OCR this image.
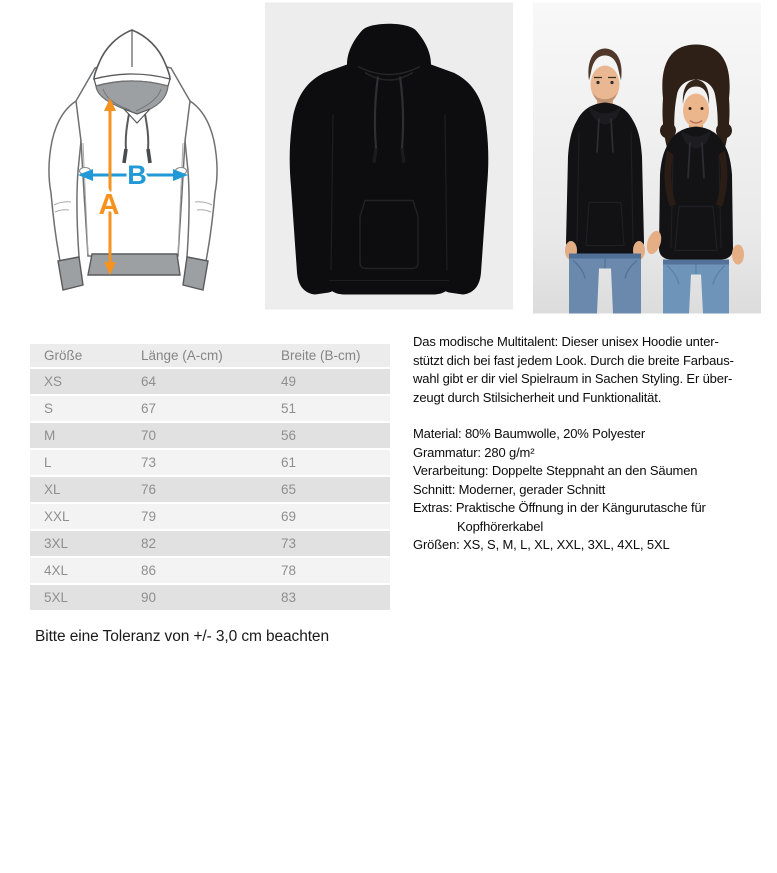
B
A
Größe	Länge (A-cm)	Breite (B-cm)
XS	64	49
S	67	51
M	70	56
L	73	61
XL	76	65
XXL	79	69
3XL	82	73
4XL	86	78
5XL	90	83

Das modische Multitalent: Dieser unisex Hoodie unter-

stützt dich bei fast jedem Look. Durch die breite Farbaus-

wahl gibt er dir viel Spielraum in Sachen Styling. Er über-

zeugt durch Stilsicherheit und Funktionalität.

Material: 80% Baumwolle, 20% Polyester

Grammatur: 280 g/m²

Verarbeitung: Doppelte Steppnaht an den Säumen

Schnitt: Moderner, gerader Schnitt

Extras: Praktische Öffnung in der Kängurutasche für

Kopfhörerkabel

Größen: XS, S, M, L, XL, XXL, 3XL, 4XL, 5XL

Bitte eine Toleranz von +/- 3,0 cm beachten
